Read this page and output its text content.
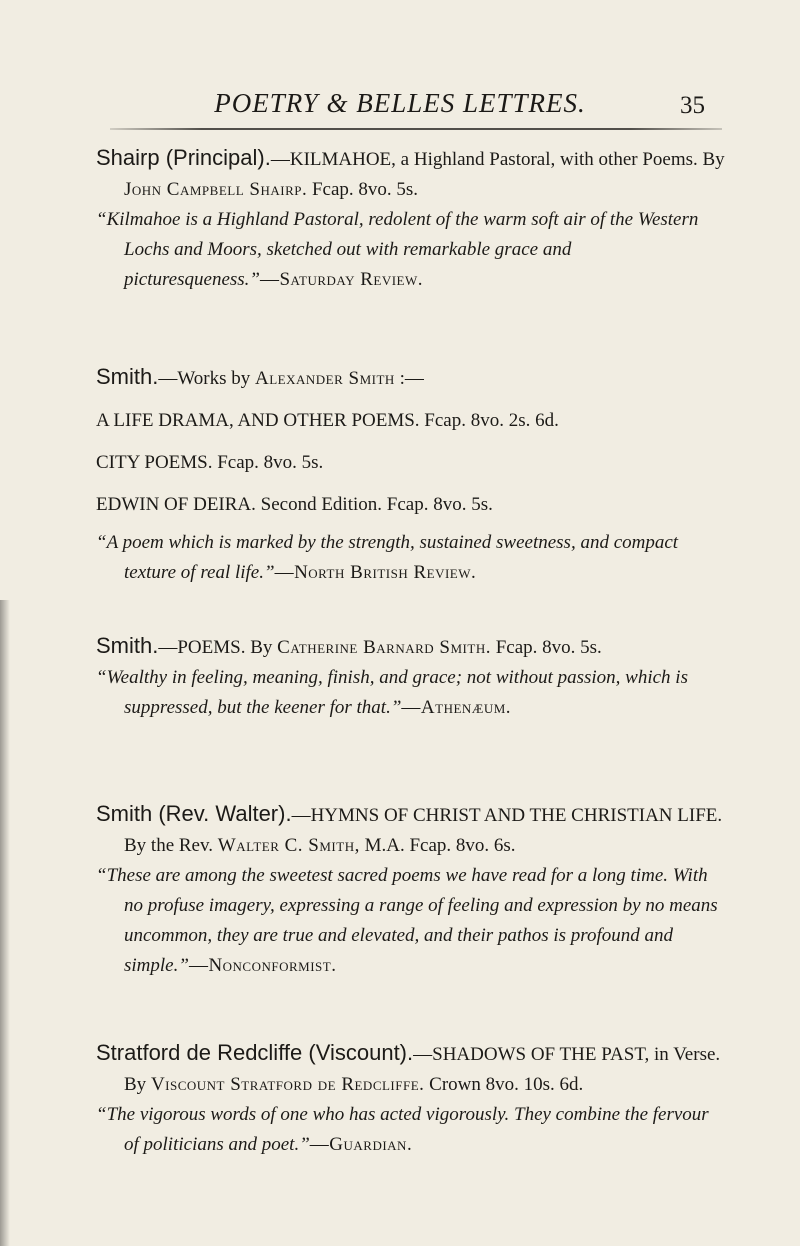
POETRY & BELLES LETTRES.	35

Shairp (Principal).—KILMAHOE, a Highland Pastoral, with other Poems. By John Campbell Shairp. Fcap. 8vo. 5s.

“Kilmahoe is a Highland Pastoral, redolent of the warm soft air of the Western Lochs and Moors, sketched out with remarkable grace and picturesqueness.”—Saturday Review.

Smith.—Works by Alexander Smith :—

A LIFE DRAMA, AND OTHER POEMS. Fcap. 8vo. 2s. 6d.

CITY POEMS. Fcap. 8vo. 5s.

EDWIN OF DEIRA. Second Edition. Fcap. 8vo. 5s.

“A poem which is marked by the strength, sustained sweetness, and compact texture of real life.”—North British Review.

Smith.—POEMS. By Catherine Barnard Smith. Fcap. 8vo. 5s.

“Wealthy in feeling, meaning, finish, and grace; not without passion, which is suppressed, but the keener for that.”—Athenæum.

Smith (Rev. Walter).—HYMNS OF CHRIST AND THE CHRISTIAN LIFE. By the Rev. Walter C. Smith, M.A. Fcap. 8vo. 6s.

“These are among the sweetest sacred poems we have read for a long time. With no profuse imagery, expressing a range of feeling and expression by no means uncommon, they are true and elevated, and their pathos is profound and simple.”—Nonconformist.

Stratford de Redcliffe (Viscount).—SHADOWS OF THE PAST, in Verse. By Viscount Stratford de Redcliffe. Crown 8vo. 10s. 6d.

“The vigorous words of one who has acted vigorously. They combine the fervour of politicians and poet.”—Guardian.
